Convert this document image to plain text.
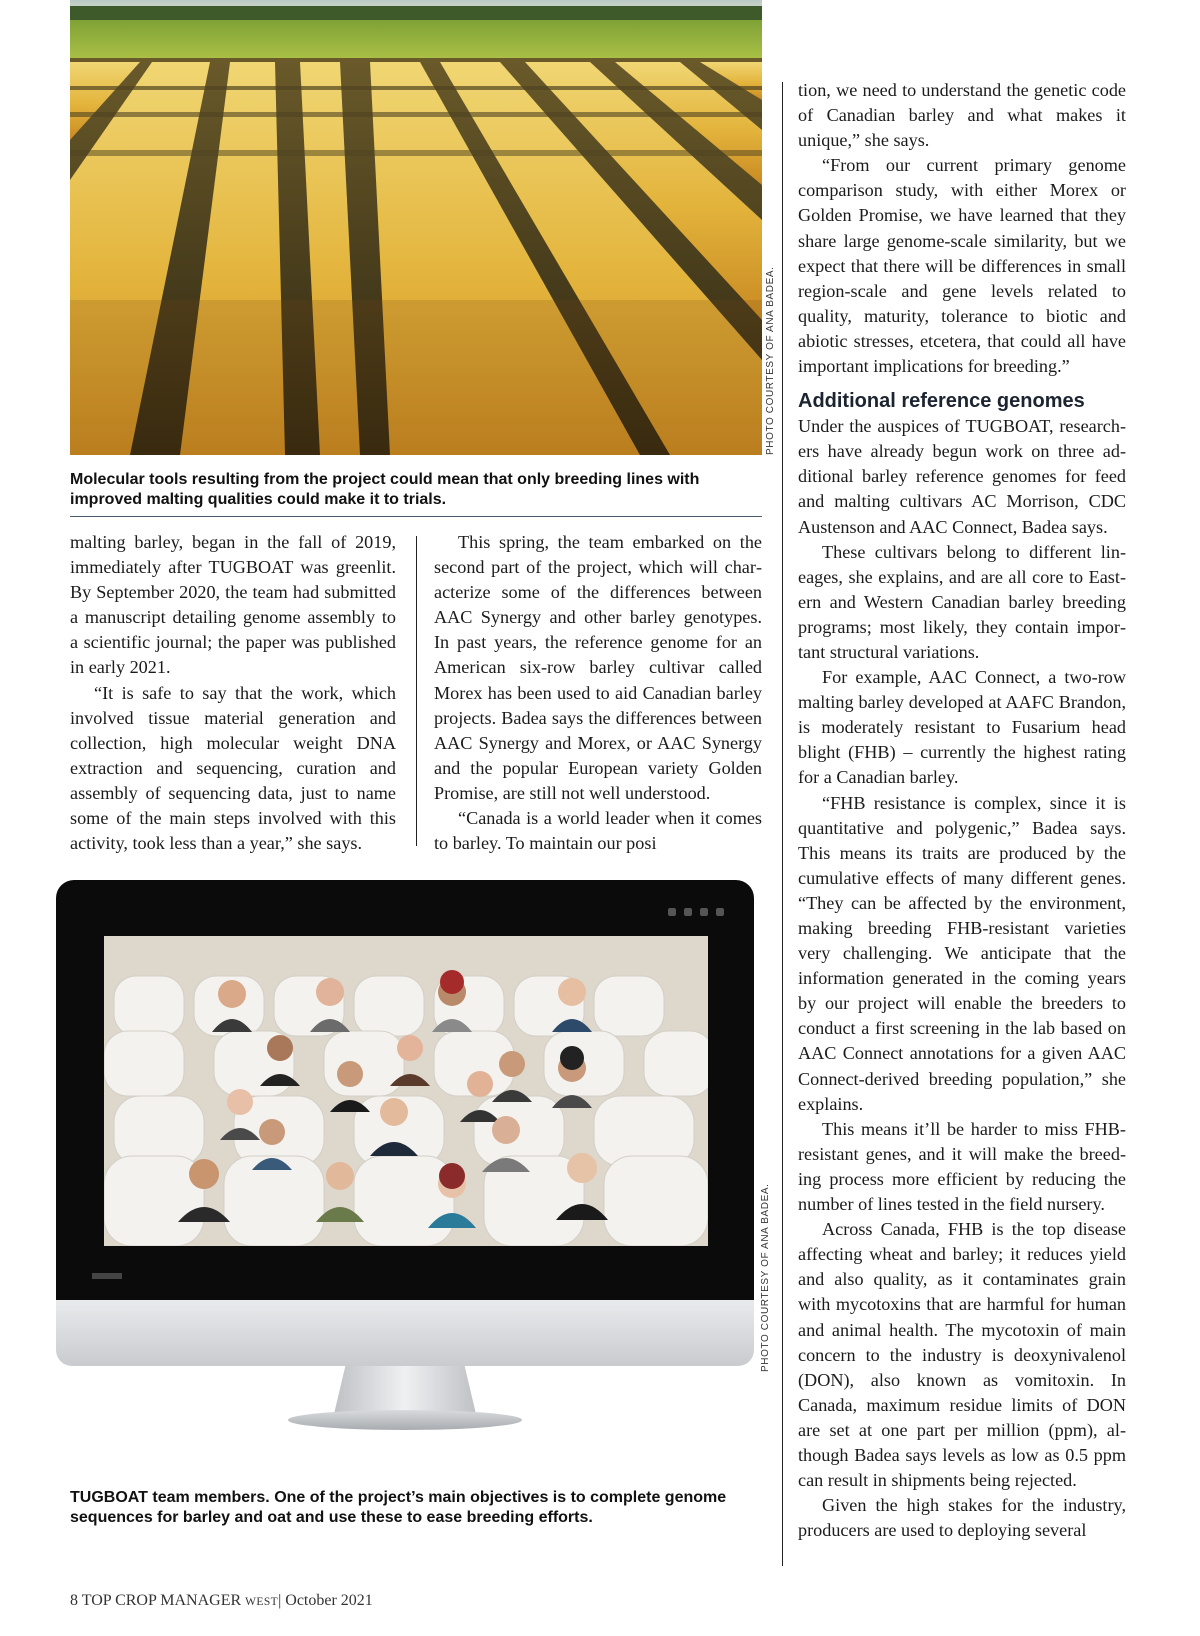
PHOTO COURTESY OF ANA BADEA.
Molecular tools resulting from the project could mean that only breeding lines with improved malting qualities could make it to trials.

malting barley, began in the fall of 2019, immediately after TUGBOAT was greenlit. By September 2020, the team had submitted a manuscript detailing genome assembly to a scientific journal; the paper was published in early 2021.

“It is safe to say that the work, which involved tissue material generation and collection, high molecular weight DNA extraction and sequencing, curation and assembly of sequencing data, just to name some of the main steps involved with this activity, took less than a year,” she says.

This spring, the team embarked on the second part of the project, which will characterize some of the differences between AAC Synergy and other barley genotypes. In past years, the reference genome for an American six-row barley cultivar called Morex has been used to aid Canadian barley projects. Badea says the differences between AAC Synergy and Morex, or AAC Synergy and the popular European variety Golden Promise, are still not well understood.

“Canada is a world leader when it comes to barley. To maintain our posi

tion, we need to understand the genetic code of Canadian barley and what makes it unique,” she says.

“From our current primary genome comparison study, with either Morex or Golden Promise, we have learned that they share large genome-scale similarity, but we expect that there will be differences in small region-scale and gene levels related to quality, maturity, tolerance to biotic and abiotic stresses, etcetera, that could all have important implications for breeding.”

Additional reference genomes

Under the auspices of TUGBOAT, researchers have already begun work on three additional barley reference genomes for feed and malting cultivars AC Morrison, CDC Austenson and AAC Connect, Badea says.

These cultivars belong to different lineages, she explains, and are all core to Eastern and Western Canadian barley breeding programs; most likely, they contain important structural variations.

For example, AAC Connect, a two-row malting barley developed at AAFC Brandon, is moderately resistant to Fusarium head blight (FHB) – currently the highest rating for a Canadian barley.

“FHB resistance is complex, since it is quantitative and polygenic,” Badea says. This means its traits are produced by the cumulative effects of many different genes. “They can be affected by the environment, making breeding FHB-resistant varieties very challenging. We anticipate that the information generated in the coming years by our project will enable the breeders to conduct a first screening in the lab based on AAC Connect annotations for a given AAC Connect-derived breeding population,” she explains.

This means it’ll be harder to miss FHB-resistant genes, and it will make the breeding process more efficient by reducing the number of lines tested in the field nursery.

Across Canada, FHB is the top disease affecting wheat and barley; it reduces yield and also quality, as it contaminates grain with mycotoxins that are harmful for human and animal health. The mycotoxin of main concern to the industry is deoxynivalenol (DON), also known as vomitoxin. In Canada, maximum residue limits of DON are set at one part per million (ppm), although Badea says levels as low as 0.5 ppm can result in shipments being rejected.

Given the high stakes for the industry, producers are used to deploying several

PHOTO COURTESY OF ANA BADEA.
TUGBOAT team members. One of the project’s main objectives is to complete genome sequences for barley and oat and use these to ease breeding efforts.
8 TOP CROP MANAGER WEST| October 2021
